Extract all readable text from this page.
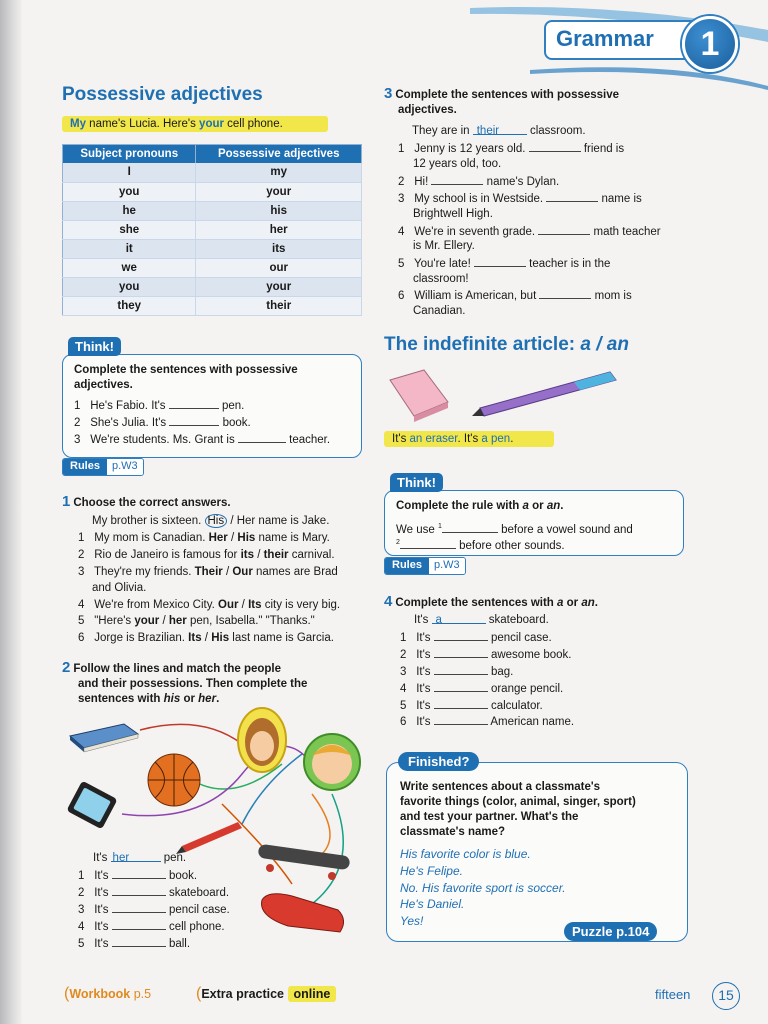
Grammar	1
Possessive adjectives
My name's Lucia. Here's your cell phone.
Subject pronouns	Possessive adjectives
I	my
you	your
he	his
she	her
it	its
we	our
you	your
they	their
Think!
Complete the sentences with possessive adjectives.
1 He's Fabio. It's	pen.
2 She's Julia. It's	book.
3 We're students. Ms. Grant is	teacher.
Rules	p.W3
1 Choose the correct answers.
My brother is sixteen. His / Her name is Jake.
1 My mom is Canadian. Her / His name is Mary.
2 Rio de Janeiro is famous for its / their carnival.
3 They're my friends. Their / Our names are Brad
and Olivia.
4 We're from Mexico City. Our / Its city is very big.
5 "Here's your / her pen, Isabella." "Thanks."
6 Jorge is Brazilian. Its / His last name is Garcia.
2 Follow the lines and match the people
and their possessions. Then complete the
sentences with his or her.
It's her	pen.
1 It's	book.
2 It's	skateboard.
3 It's	pencil case.
4 It's	cell phone.
5 It's	ball.
3 Complete the sentences with possessive
adjectives.
They are in their	classroom.
1 Jenny is 12 years old.	friend is
12 years old, too.
2 Hi!	name's Dylan.
3 My school is in Westside.	name is
Brightwell High.
4 We're in seventh grade.	math teacher
is Mr. Ellery.
5 You're late!	teacher is in the
classroom!
6 William is American, but	mom is
Canadian.
The indefinite article: a / an
It's an eraser. It's a pen.
Think!
Complete the rule with a or an.
We use $^1$	before a vowel sound and
$^2$	before other sounds.
Rules	p.W3
4 Complete the sentences with a or an.
It's a	skateboard.
1 It's	pencil case.
2 It's	awesome book.
3 It's	bag.
4 It's	orange pencil.
5 It's	calculator.
6 It's	American name.
Finished?
Write sentences about a classmate's
favorite things (color, animal, singer, sport)
and test your partner. What's the
classmate's name?
His favorite color is blue.
He's Felipe.
No. His favorite sport is soccer.
He's Daniel.
Yes!
Puzzle p.104
(Workbook p.5	(Extra practice online	fifteen	15
